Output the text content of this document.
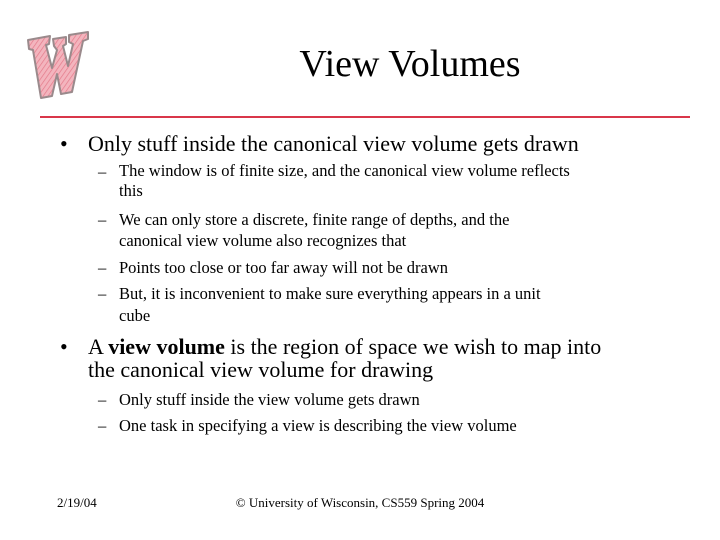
View Volumes
• Only stuff inside the canonical view volume gets drawn
– The window is of finite size, and the canonical view volume reflects
this
– We can only store a discrete, finite range of depths, and the
canonical view volume also recognizes that
– Points too close or too far away will not be drawn
– But, it is inconvenient to make sure everything appears in a unit
cube
• A view volume is the region of space we wish to map into
the canonical view volume for drawing
– Only stuff inside the view volume gets drawn
– One task in specifying a view is describing the view volume
2/19/04	© University of Wisconsin, CS559 Spring 2004
